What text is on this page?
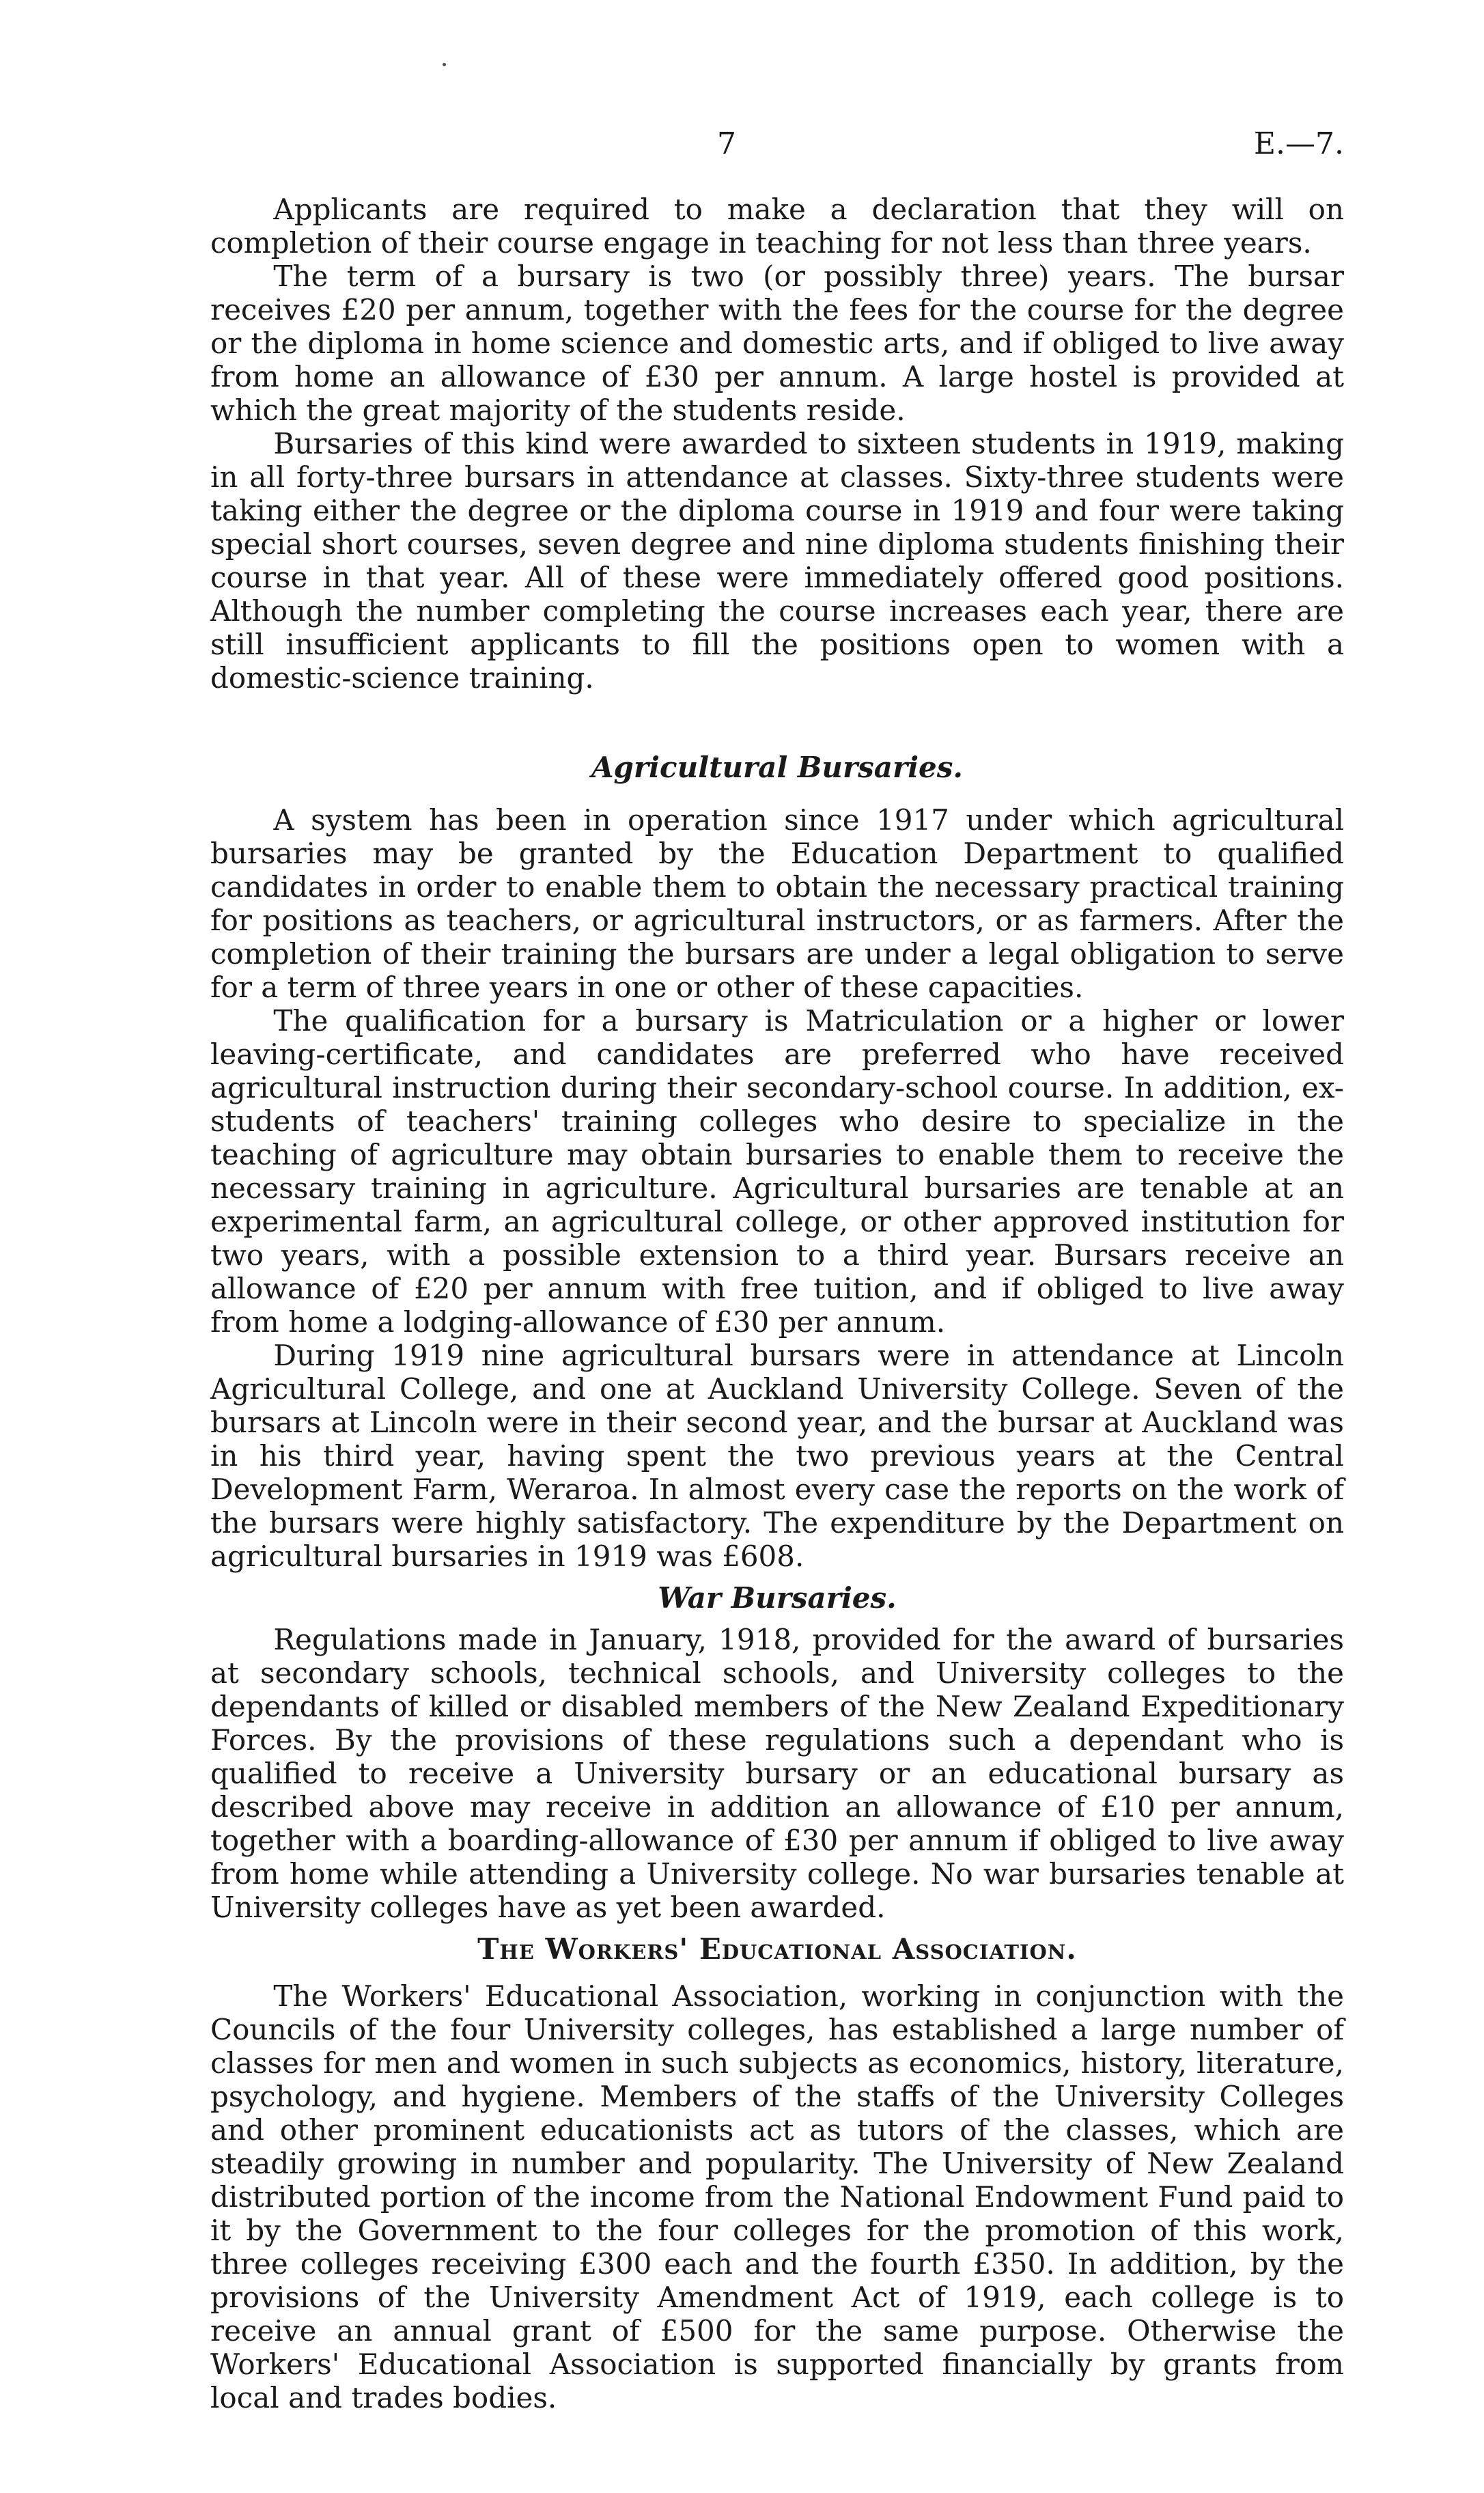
7	E.—7.

Applicants are required to make a declaration that they will on completion of their course engage in teaching for not less than three years.

The term of a bursary is two (or possibly three) years. The bursar receives £20 per annum, together with the fees for the course for the degree or the diploma in home science and domestic arts, and if obliged to live away from home an allowance of £30 per annum. A large hostel is provided at which the great majority of the students reside.

Bursaries of this kind were awarded to sixteen students in 1919, making in all forty-three bursars in attendance at classes. Sixty-three students were taking either the degree or the diploma course in 1919 and four were taking special short courses, seven degree and nine diploma students finishing their course in that year. All of these were immediately offered good positions. Although the number completing the course increases each year, there are still insufficient applicants to fill the positions open to women with a domestic-science training.

Agricultural Bursaries.

A system has been in operation since 1917 under which agricultural bursaries may be granted by the Education Department to qualified candidates in order to enable them to obtain the necessary practical training for positions as teachers, or agricultural instructors, or as farmers. After the completion of their training the bursars are under a legal obligation to serve for a term of three years in one or other of these capacities.

The qualification for a bursary is Matriculation or a higher or lower leaving-certificate, and candidates are preferred who have received agricultural instruction during their secondary-school course. In addition, ex-students of teachers' training colleges who desire to specialize in the teaching of agriculture may obtain bursaries to enable them to receive the necessary training in agriculture. Agricultural bursaries are tenable at an experimental farm, an agricultural college, or other approved institution for two years, with a possible extension to a third year. Bursars receive an allowance of £20 per annum with free tuition, and if obliged to live away from home a lodging-allowance of £30 per annum.

During 1919 nine agricultural bursars were in attendance at Lincoln Agricultural College, and one at Auckland University College. Seven of the bursars at Lincoln were in their second year, and the bursar at Auckland was in his third year, having spent the two previous years at the Central Development Farm, Weraroa. In almost every case the reports on the work of the bursars were highly satisfactory. The expenditure by the Department on agricultural bursaries in 1919 was £608.

War Bursaries.

Regulations made in January, 1918, provided for the award of bursaries at secondary schools, technical schools, and University colleges to the dependants of killed or disabled members of the New Zealand Expeditionary Forces. By the provisions of these regulations such a dependant who is qualified to receive a University bursary or an educational bursary as described above may receive in addition an allowance of £10 per annum, together with a boarding-allowance of £30 per annum if obliged to live away from home while attending a University college. No war bursaries tenable at University colleges have as yet been awarded.

The Workers' Educational Association.

The Workers' Educational Association, working in conjunction with the Councils of the four University colleges, has established a large number of classes for men and women in such subjects as economics, history, literature, psychology, and hygiene. Members of the staffs of the University Colleges and other prominent educationists act as tutors of the classes, which are steadily growing in number and popularity. The University of New Zealand distributed portion of the income from the National Endowment Fund paid to it by the Government to the four colleges for the promotion of this work, three colleges receiving £300 each and the fourth £350. In addition, by the provisions of the University Amendment Act of 1919, each college is to receive an annual grant of £500 for the same purpose. Otherwise the Workers' Educational Association is supported financially by grants from local and trades bodies.
